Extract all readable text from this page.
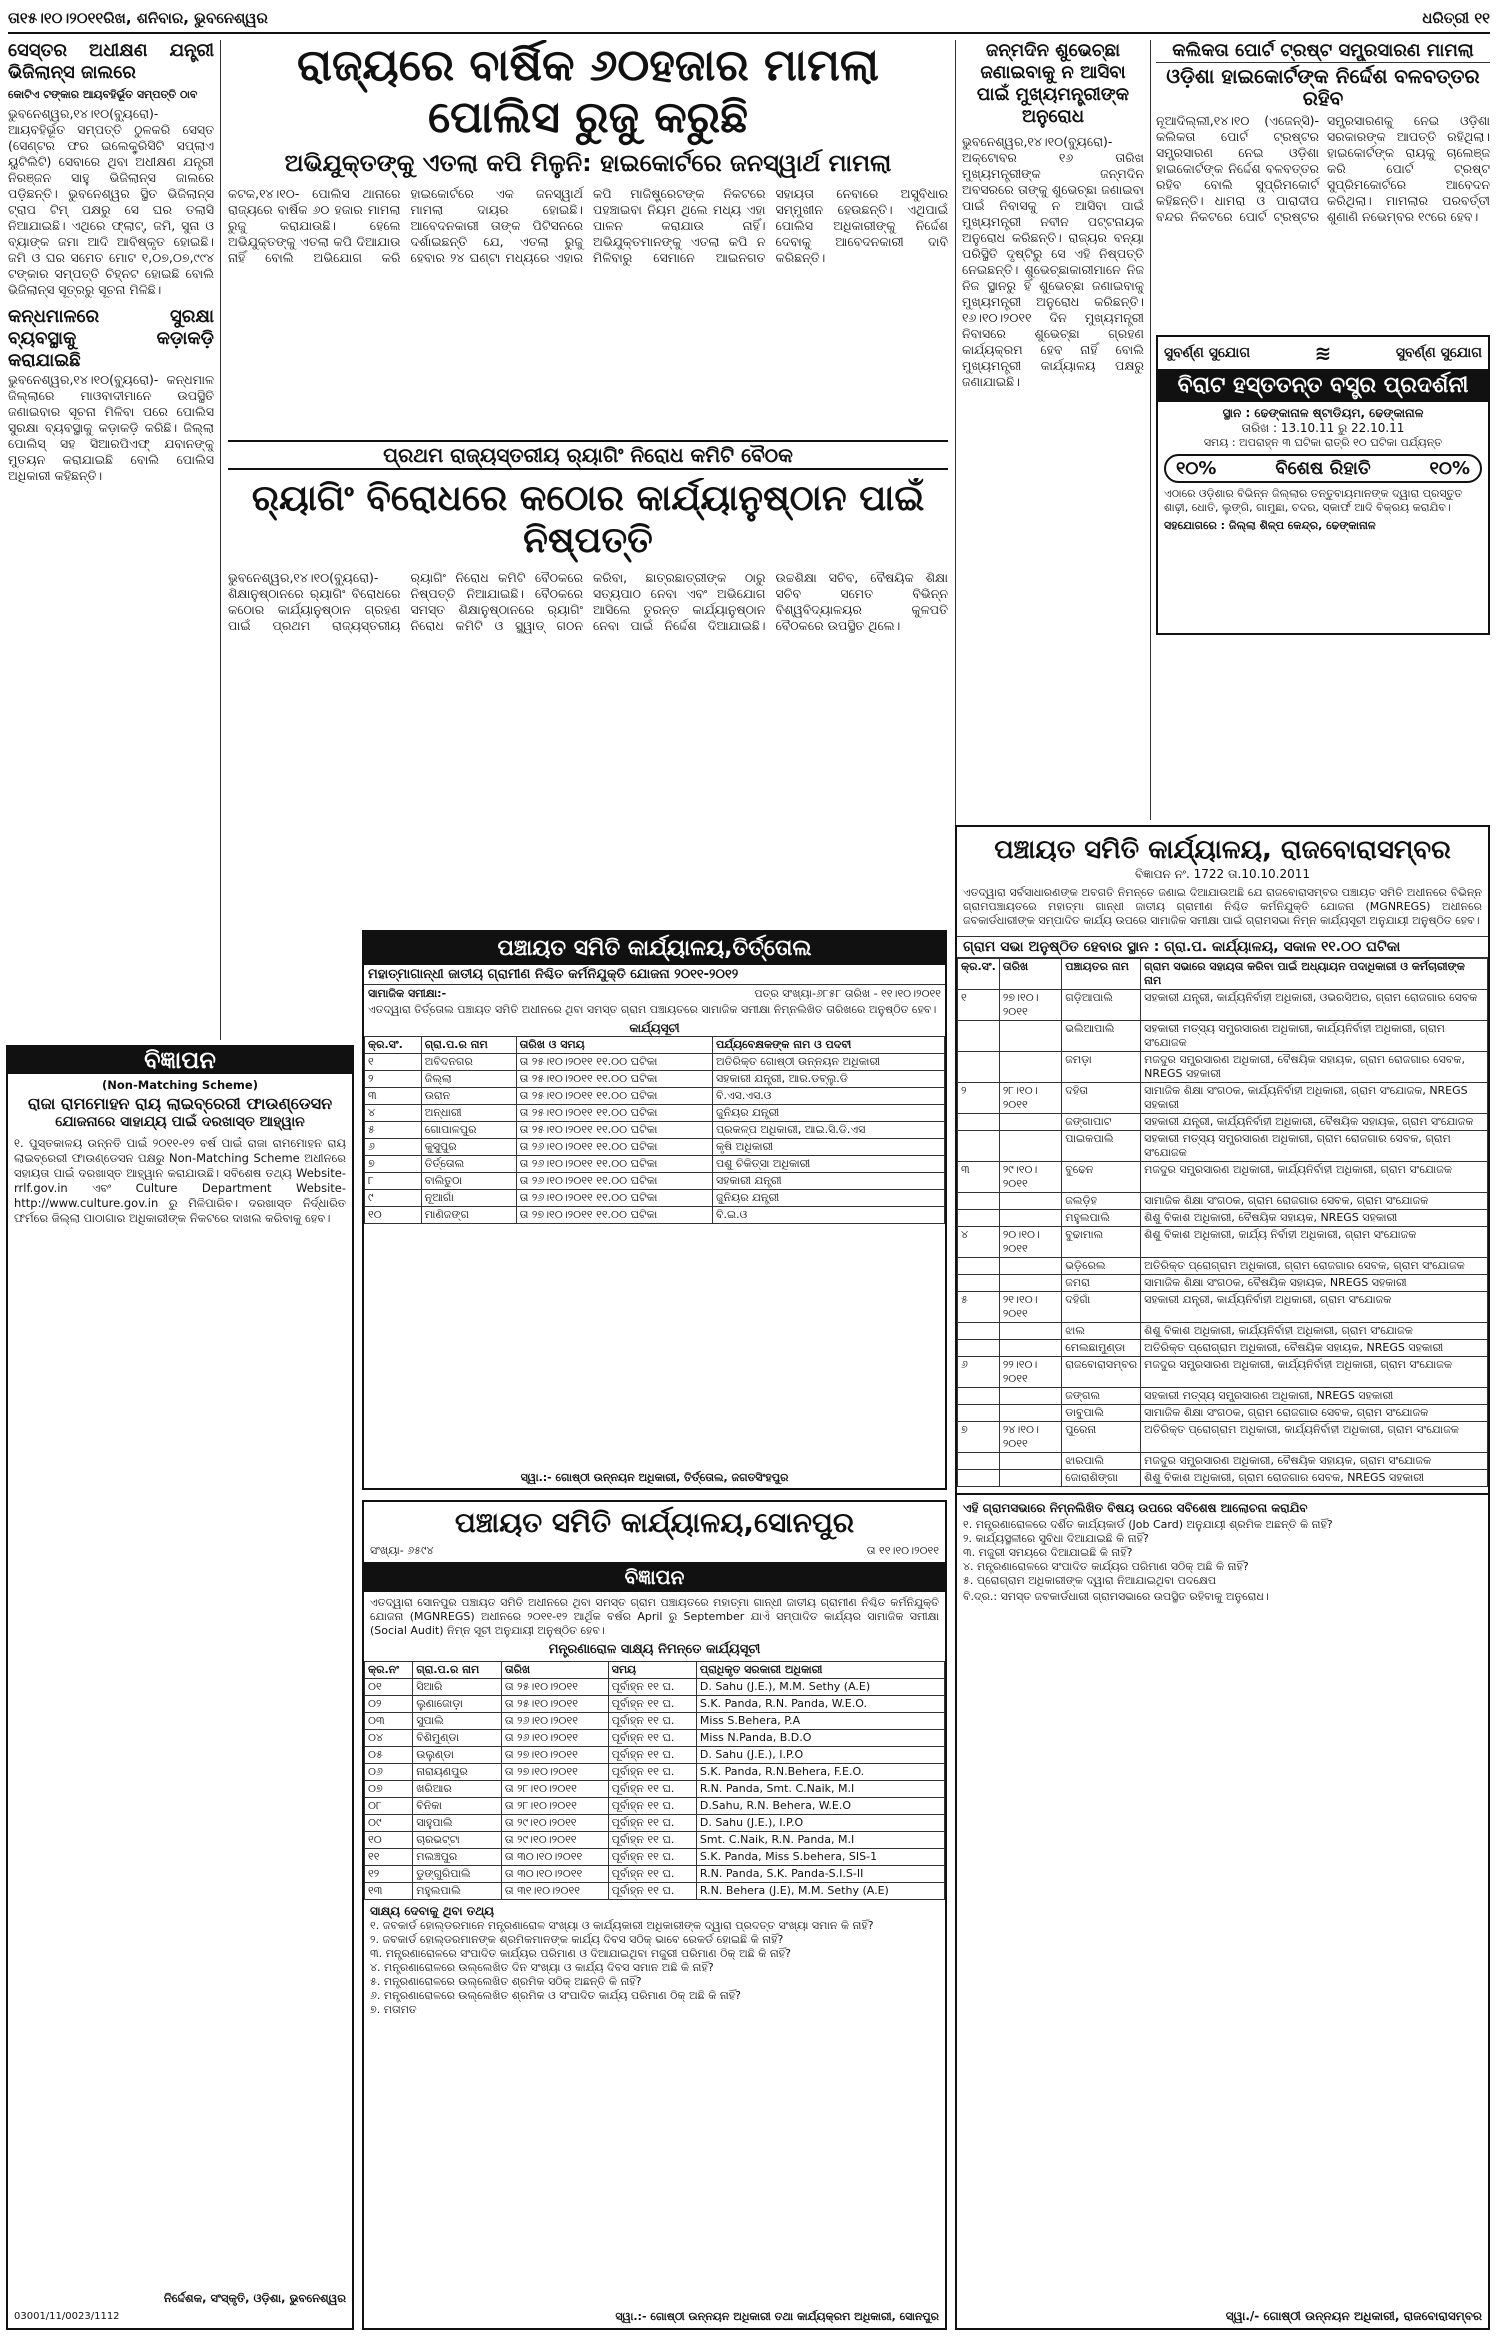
ତା୧୫।୧୦।୨୦୧୧ରିଖ, ଶନିବାର, ଭୁବନେଶ୍ୱର	ଧରିତ୍ରୀ ୧୧
ସେସ୍ତର ଅଧୀକ୍ଷଣ ଯନ୍ତ୍ରୀ ଭିଜିଲାନ୍ସ ଜାଲରେ
କୋଟିଏ ଟଙ୍କାର ଆୟବହିର୍ଭୂତ ସମ୍ପତ୍ତି ଠାବ

ଭୁବନେଶ୍ୱର,୧୪।୧୦(ବ୍ୟୁରୋ)- ଆୟବହିର୍ଭୂତ ସମ୍ପତ୍ତି ଠୁଳକରି ସେସ୍ତ (ସେଣ୍ଟର ଫର ଇଲେକ୍ଟ୍ରିସିଟି ସପ୍ଲାଏ ୟୁଟିଲିଟି) ସେବାରେ ଥିବା ଅଧୀକ୍ଷଣ ଯନ୍ତ୍ରୀ ନିରଞ୍ଜନ ସାହୁ ଭିଜିଲାନ୍ସ ଜାଲରେ ପଡ଼ିଛନ୍ତି। ଭୁବନେଶ୍ୱର ସ୍ଥିତ ଭିଜିଲାନ୍ସ ଟ୍ରାପ ଟିମ୍ ପକ୍ଷରୁ ସେ ଘର ତଲାସି ନିଆଯାଇଛି। ଏଥିରେ ଫ୍ଲାଟ୍, ଜମି, ସୁନା ଓ ବ୍ୟାଙ୍କ ଜମା ଆଦି ଆବିଷ୍କୃତ ହୋଇଛି। ଜମି ଓ ଘର ସମେତ ମୋଟ ୧,୦୭,୦୭,୯୯୪ ଟଙ୍କାର ସମ୍ପତ୍ତି ଚିହ୍ନଟ ହୋଇଛି ବୋଲି ଭିଜିଲାନ୍ସ ସୂତ୍ରରୁ ସୂଚନା ମିଳିଛି।

କନ୍ଧମାଳରେ ସୁରକ୍ଷା ବ୍ୟବସ୍ଥାକୁ କଡ଼ାକଡ଼ି କରାଯାଇଛି

ଭୁବନେଶ୍ୱର,୧୪।୧୦(ବ୍ୟୁରୋ)- କନ୍ଧମାଳ ଜିଲ୍ଲାରେ ମାଓବାଦୀମାନେ ଉପସ୍ଥିତି ଜଣାଇବାର ସୂଚନା ମିଳିବା ପରେ ପୋଲିସ ସୁରକ୍ଷା ବ୍ୟବସ୍ଥାକୁ କଡ଼ାକଡ଼ି କରିଛି। ଜିଲ୍ଲା ପୋଲିସ୍ ସହ ସିଆରପିଏଫ୍ ଯବାନଙ୍କୁ ମୁତୟନ କରାଯାଇଛି ବୋଲି ପୋଲିସ ଅଧିକାରୀ କହିଛନ୍ତି।

ବିଜ୍ଞାପନ
(Non-Matching Scheme)
ରାଜା ରାମମୋହନ ରାୟ ଲାଇବ୍ରେରୀ ଫାଉଣ୍ଡେସନ
ଯୋଜନାରେ ସାହାଯ୍ୟ ପାଇଁ ଦରଖାସ୍ତ ଆହ୍ୱାନ

୧. ପୁସ୍ତକାଳୟ ଉନ୍ନତି ପାଇଁ ୨୦୧୧-୧୨ ବର୍ଷ ପାଇଁ ରାଜା ରାମମୋହନ ରାୟ ଲାଇବ୍ରେରୀ ଫାଉଣ୍ଡେସନ ପକ୍ଷରୁ Non-Matching Scheme ଅଧୀନରେ ସହାୟତା ପାଇଁ ଦରଖାସ୍ତ ଆହ୍ୱାନ କରାଯାଉଛି। ସବିଶେଷ ତଥ୍ୟ Website-rrlf.gov.in ଏବଂ Culture Department Website-http://www.culture.gov.in ରୁ ମିଳିପାରିବ। ଦରଖାସ୍ତ ନିର୍ଦ୍ଧାରିତ ଫର୍ମରେ ଜିଲ୍ଲା ପାଠାଗାର ଅଧିକାରୀଙ୍କ ନିକଟରେ ଦାଖଲ କରିବାକୁ ହେବ।

ନିର୍ଦ୍ଦେଶକ, ସଂସ୍କୃତି, ଓଡ଼ିଶା, ଭୁବନେଶ୍ୱର
03001/11/0023/1112
ରାଜ୍ୟରେ ବାର୍ଷିକ ୬୦ହଜାର ମାମଲା ପୋଲିସ ରୁଜୁ କରୁଛି
ଅଭିଯୁକ୍ତଙ୍କୁ ଏତଲା କପି ମିଳୁନି: ହାଇକୋର୍ଟରେ ଜନସ୍ୱାର୍ଥ ମାମଲା

କଟକ,୧୪।୧୦- ପୋଲିସ ଥାନାରେ ରାଜ୍ୟରେ ବାର୍ଷିକ ୬୦ ହଜାର ମାମଲା ରୁଜୁ କରାଯାଉଛି। ହେଲେ ଅଭିଯୁକ୍ତଙ୍କୁ ଏତଲା କପି ଦିଆଯାଉ ନାହିଁ ବୋଲି ଅଭିଯୋଗ କରି ହାଇକୋର୍ଟରେ ଏକ ଜନସ୍ୱାର୍ଥ ମାମଲା ଦାୟର ହୋଇଛି। ଆବେଦନକାରୀ ତାଙ୍କ ପିଟିସନରେ ଦର୍ଶାଇଛନ୍ତି ଯେ, ଏତଲା ରୁଜୁ ହେବାର ୨୪ ଘଣ୍ଟା ମଧ୍ୟରେ ଏହାର କପି ମାଜିଷ୍ଟ୍ରେଟଙ୍କ ନିକଟରେ ପହଞ୍ଚାଇବା ନିୟମ ଥିଲେ ମଧ୍ୟ ଏହା ପାଳନ କରାଯାଉ ନାହିଁ। ଅଭିଯୁକ୍ତମାନଙ୍କୁ ଏତଲା କପି ନ ମିଳିବାରୁ ସେମାନେ ଆଇନଗତ ସହାୟତା ନେବାରେ ଅସୁବିଧାର ସମ୍ମୁଖୀନ ହେଉଛନ୍ତି। ଏଥିପାଇଁ ପୋଲିସ ଅଧିକାରୀଙ୍କୁ ନିର୍ଦ୍ଦେଶ ଦେବାକୁ ଆବେଦନକାରୀ ଦାବି କରିଛନ୍ତି।

ପ୍ରଥମ ରାଜ୍ୟସ୍ତରୀୟ ର୍‍ୟାଗିଂ ନିରୋଧ କମିଟି ବୈଠକ
ର୍‍ୟାଗିଂ ବିରୋଧରେ କଠୋର କାର୍ଯ୍ୟାନୁଷ୍ଠାନ ପାଇଁ ନିଷ୍ପତ୍ତି

ଭୁବନେଶ୍ୱର,୧୪।୧୦(ବ୍ୟୁରୋ)- ଶିକ୍ଷାନୁଷ୍ଠାନରେ ର୍‍ୟାଗିଂ ବିରୋଧରେ କଠୋର କାର୍ଯ୍ୟାନୁଷ୍ଠାନ ଗ୍ରହଣ ପାଇଁ ପ୍ରଥମ ରାଜ୍ୟସ୍ତରୀୟ ର୍‍ୟାଗିଂ ନିରୋଧ କମିଟି ବୈଠକରେ ନିଷ୍ପତ୍ତି ନିଆଯାଇଛି। ବୈଠକରେ ସମସ୍ତ ଶିକ୍ଷାନୁଷ୍ଠାନରେ ର୍‍ୟାଗିଂ ନିରୋଧ କମିଟି ଓ ସ୍କ୍ୱାଡ୍ ଗଠନ କରିବା, ଛାତ୍ରଛାତ୍ରୀଙ୍କ ଠାରୁ ସତ୍ୟପାଠ ନେବା ଏବଂ ଅଭିଯୋଗ ଆସିଲେ ତୁରନ୍ତ କାର୍ଯ୍ୟାନୁଷ୍ଠାନ ନେବା ପାଇଁ ନିର୍ଦ୍ଦେଶ ଦିଆଯାଇଛି। ଉଚ୍ଚଶିକ୍ଷା ସଚିବ, ବୈଷୟିକ ଶିକ୍ଷା ସଚିବ ସମେତ ବିଭିନ୍ନ ବିଶ୍ୱବିଦ୍ୟାଳୟର କୁଳପତି ବୈଠକରେ ଉପସ୍ଥିତ ଥିଲେ।

ଜନ୍ମଦିନ ଶୁଭେଚ୍ଛା ଜଣାଇବାକୁ ନ ଆସିବା ପାଇଁ ମୁଖ୍ୟମନ୍ତ୍ରୀଙ୍କ ଅନୁରୋଧ

ଭୁବନେଶ୍ୱର,୧୪।୧୦(ବ୍ୟୁରୋ)- ଅକ୍ଟୋବର ୧୬ ତାରିଖ ମୁଖ୍ୟମନ୍ତ୍ରୀଙ୍କ ଜନ୍ମଦିନ ଅବସରରେ ତାଙ୍କୁ ଶୁଭେଚ୍ଛା ଜଣାଇବା ପାଇଁ ନିବାସକୁ ନ ଆସିବା ପାଇଁ ମୁଖ୍ୟମନ୍ତ୍ରୀ ନବୀନ ପଟ୍ଟନାୟକ ଅନୁରୋଧ କରିଛନ୍ତି। ରାଜ୍ୟର ବନ୍ୟା ପରିସ୍ଥିତି ଦୃଷ୍ଟିରୁ ସେ ଏହି ନିଷ୍ପତ୍ତି ନେଇଛନ୍ତି। ଶୁଭେଚ୍ଛାକାରୀମାନେ ନିଜ ନିଜ ସ୍ଥାନରୁ ହିଁ ଶୁଭେଚ୍ଛା ଜଣାଇବାକୁ ମୁଖ୍ୟମନ୍ତ୍ରୀ ଅନୁରୋଧ କରିଛନ୍ତି। ୧୬।୧୦।୨୦୧୧ ଦିନ ମୁଖ୍ୟମନ୍ତ୍ରୀ ନିବାସରେ ଶୁଭେଚ୍ଛା ଗ୍ରହଣ କାର୍ଯ୍ୟକ୍ରମ ହେବ ନାହିଁ ବୋଲି ମୁଖ୍ୟମନ୍ତ୍ରୀ କାର୍ଯ୍ୟାଳୟ ପକ୍ଷରୁ ଜଣାଯାଇଛି।

କଲିକତା ପୋର୍ଟ ଟ୍ରଷ୍ଟ ସମ୍ପ୍ରସାରଣ ମାମଲା
ଓଡ଼ିଶା ହାଇକୋର୍ଟଙ୍କ ନିର୍ଦ୍ଦେଶ ବଳବତ୍ତର ରହିବ

ନୂଆଦିଲ୍ଲୀ,୧୪।୧୦ (ଏଜେନ୍ସି)- କଲିକତା ପୋର୍ଟ ଟ୍ରଷ୍ଟର ସମ୍ପ୍ରସାରଣ ନେଇ ଓଡ଼ିଶା ହାଇକୋର୍ଟଙ୍କ ନିର୍ଦ୍ଦେଶ ବଳବତ୍ତର ରହିବ ବୋଲି ସୁପ୍ରିମକୋର୍ଟ କହିଛନ୍ତି। ଧାମରା ଓ ପାରାଦୀପ ବନ୍ଦର ନିକଟରେ ପୋର୍ଟ ଟ୍ରଷ୍ଟର ସମ୍ପ୍ରସାରଣକୁ ନେଇ ଓଡ଼ିଶା ସରକାରଙ୍କ ଆପତ୍ତି ରହିଥିଲା। ହାଇକୋର୍ଟଙ୍କ ରାୟକୁ ଚାଲେଞ୍ଜ କରି ପୋର୍ଟ ଟ୍ରଷ୍ଟ ସୁପ୍ରିମକୋର୍ଟରେ ଆବେଦନ କରିଥିଲା। ମାମଲାର ପରବର୍ତ୍ତୀ ଶୁଣାଣି ନଭେମ୍ବର ୧୯ରେ ହେବ।

ସୁବର୍ଣ୍ଣ ସୁଯୋଗ	≋	ସୁବର୍ଣ୍ଣ ସୁଯୋଗ
ବିରାଟ ହସ୍ତତନ୍ତ ବସ୍ତ୍ର ପ୍ରଦର୍ଶନୀ
ସ୍ଥାନ : ଢେଙ୍କାନାଳ ଷ୍ଟାଡିୟମ, ଢେଙ୍କାନାଳ
ତାରିଖ : 13.10.11 ରୁ 22.10.11
ସମୟ : ଅପରାହ୍ନ ୩ ଘଟିକା ରାତ୍ରି ୧୦ ଘଟିକା ପର୍ଯ୍ୟନ୍ତ
୧୦%	ବିଶେଷ ରିହାତି	୧୦%

ଏଠାରେ ଓଡ଼ିଶାର ବିଭିନ୍ନ ଜିଲ୍ଲାର ତନ୍ତୁବାୟମାନଙ୍କ ଦ୍ୱାରା ପ୍ରସ୍ତୁତ ଶାଢ଼ୀ, ଧୋତି, ଲୁଙ୍ଗି, ଗାମୁଛା, ଚଦର, ସ୍କାର୍ଫ ଆଦି ବିକ୍ରୟ କରାଯିବ।

ସହଯୋଗରେ : ଜିଲ୍ଲା ଶିଳ୍ପ କେନ୍ଦ୍ର, ଢେଙ୍କାନାଳ
ପଞ୍ଚାୟତ ସମିତି କାର୍ଯ୍ୟାଳୟ,ତିର୍ତ୍ତୋଲ
ମହାତ୍ମାଗାନ୍ଧୀ ଜାତୀୟ ଗ୍ରାମୀଣ ନିଶ୍ଚିତ କର୍ମନିଯୁକ୍ତି ଯୋଜନା ୨୦୧୧-୨୦୧୨
ସାମାଜିକ ସମୀକ୍ଷା:-	ପତ୍ର ସଂଖ୍ୟା-୬୮୫୮ ତାରିଖ - ୧୧।୧୦।୨୦୧୧

ଏତଦ୍ୱାରା ତିର୍ତ୍ତୋଲ ପଞ୍ଚାୟତ ସମିତି ଅଧୀନରେ ଥିବା ସମସ୍ତ ଗ୍ରାମ ପଞ୍ଚାୟତରେ ସାମାଜିକ ସମୀକ୍ଷା ନିମ୍ନଲିଖିତ ତାରିଖରେ ଅନୁଷ୍ଠିତ ହେବ।

କାର୍ଯ୍ୟସୂଚୀ
କ୍ର.ସଂ.	ଗ୍ରା.ପ.ର ନାମ	ତାରିଖ ଓ ସମୟ	ପର୍ଯ୍ୟବେକ୍ଷକଙ୍କ ନାମ ଓ ପଦବୀ
୧	ଅବିଦନଗର	ତା ୨୫।୧୦।୨୦୧୧ ୧୧.୦୦ ଘଟିକା	ଅତିରିକ୍ତ ଗୋଷ୍ଠୀ ଉନ୍ନୟନ ଅଧିକାରୀ
୨	ଜିଲ୍ଲା	ତା ୨୫।୧୦।୨୦୧୧ ୧୧.୦୦ ଘଟିକା	ସହକାରୀ ଯନ୍ତ୍ରୀ, ଆର.ଡବ୍ଲୁ.ଡି
୩	ଉରାନ	ତା ୨୫।୧୦।୨୦୧୧ ୧୧.୦୦ ଘଟିକା	ବି.ଏସ.ଏସ.ଓ
୪	ଅନ୍ଧାରୀ	ତା ୨୫।୧୦।୨୦୧୧ ୧୧.୦୦ ଘଟିକା	ଜୁନିୟର ଯନ୍ତ୍ରୀ
୫	ଗୋପାଳପୁର	ତା ୨୫।୧୦।୨୦୧୧ ୧୧.୦୦ ଘଟିକା	ପ୍ରକଳ୍ପ ଅଧିକାରୀ, ଆଇ.ସି.ଡି.ଏସ
୬	କୁସୁପୁର	ତା ୨୬।୧୦।୨୦୧୧ ୧୧.୦୦ ଘଟିକା	କୃଷି ଅଧିକାରୀ
୭	ତିର୍ତ୍ତୋଲ	ତା ୨୬।୧୦।୨୦୧୧ ୧୧.୦୦ ଘଟିକା	ପଶୁ ଚିକିତ୍ସା ଅଧିକାରୀ
୮	ବାଲିତୁଠା	ତା ୨୬।୧୦।୨୦୧୧ ୧୧.୦୦ ଘଟିକା	ସହକାରୀ ଯନ୍ତ୍ରୀ
୯	ନୂଆଗାଁ	ତା ୨୬।୧୦।୨୦୧୧ ୧୧.୦୦ ଘଟିକା	ଜୁନିୟର ଯନ୍ତ୍ରୀ
୧୦	ମାଣିଜଙ୍ଗ	ତା ୨୭।୧୦।୨୦୧୧ ୧୧.୦୦ ଘଟିକା	ବି.ଇ.ଓ
ସ୍ୱା.:- ଗୋଷ୍ଠୀ ଉନ୍ନୟନ ଅଧିକାରୀ, ତିର୍ତ୍ତୋଲ, ଜଗତସିଂହପୁର
ପଞ୍ଚାୟତ ସମିତି କାର୍ଯ୍ୟାଳୟ,ସୋନପୁର
ସଂଖ୍ୟା- ୬୫୯୪	ତା ୧୧।୧୦।୨୦୧୧
ବିଜ୍ଞାପନ

ଏତଦ୍ୱାରା ସୋନପୁର ପଞ୍ଚାୟତ ସମିତି ଅଧୀନରେ ଥିବା ସମସ୍ତ ଗ୍ରାମ ପଞ୍ଚାୟତରେ ମହାତ୍ମା ଗାନ୍ଧୀ ଜାତୀୟ ଗ୍ରାମୀଣ ନିଶ୍ଚିତ କର୍ମନିଯୁକ୍ତି ଯୋଜନା (MGNREGS) ଅଧୀନରେ ୨୦୧୧-୧୨ ଆର୍ଥିକ ବର୍ଷର April ରୁ September ଯାଏଁ ସମ୍ପାଦିତ କାର୍ଯ୍ୟର ସାମାଜିକ ସମୀକ୍ଷା (Social Audit) ନିମ୍ନ ସୂଚୀ ଅନୁଯାୟୀ ଅନୁଷ୍ଠିତ ହେବ।

ମନ୍ତ୍ରଣାରୋଳ ସାକ୍ଷ୍ୟ ନିମନ୍ତେ କାର୍ଯ୍ୟସୂଚୀ
କ୍ର.ନଂ	ଗ୍ରା.ପ.ର ନାମ	ତାରିଖ	ସମୟ	ପ୍ରାଧିକୃତ ସରକାରୀ ଅଧିକାରୀ
୦୧	ସିଆରି	ତା ୨୫।୧୦।୨୦୧୧	ପୂର୍ବାହ୍ନ ୧୧ ଘ.	D. Sahu (J.E.), M.M. Sethy (A.E)
୦୨	ଲୁଣାଜୋଡ଼ା	ତା ୨୫।୧୦।୨୦୧୧	ପୂର୍ବାହ୍ନ ୧୧ ଘ.	S.K. Panda, R.N. Panda, W.E.O.
୦୩	ସୁପାଲି	ତା ୨୬।୧୦।୨୦୧୧	ପୂର୍ବାହ୍ନ ୧୧ ଘ.	Miss S.Behera, P.A
୦୪	ବିଶିମୁଣ୍ଡା	ତା ୨୬।୧୦।୨୦୧୧	ପୂର୍ବାହ୍ନ ୧୧ ଘ.	Miss N.Panda, B.D.O
୦୫	ଉଲୁଣ୍ଡା	ତା ୨୭।୧୦।୨୦୧୧	ପୂର୍ବାହ୍ନ ୧୧ ଘ.	D. Sahu (J.E.), I.P.O
୦୬	ନାରାୟଣପୁର	ତା ୨୭।୧୦।୨୦୧୧	ପୂର୍ବାହ୍ନ ୧୧ ଘ.	S.K. Panda, R.N.Behera, F.E.O.
୦୭	ଖରିଆର	ତା ୨୮।୧୦।୨୦୧୧	ପୂର୍ବାହ୍ନ ୧୧ ଘ.	R.N. Panda, Smt. C.Naik, M.I
୦୮	ବିନିକା	ତା ୨୮।୧୦।୨୦୧୧	ପୂର୍ବାହ୍ନ ୧୧ ଘ.	D.Sahu, R.N. Behera, W.E.O
୦୯	ସାହୁପାଲି	ତା ୨୯।୧୦।୨୦୧୧	ପୂର୍ବାହ୍ନ ୧୧ ଘ.	D. Sahu (J.E.), I.P.O
୧୦	ଚାରଭଟ୍ଟା	ତା ୨୯।୧୦।୨୦୧୧	ପୂର୍ବାହ୍ନ ୧୧ ଘ.	Smt. C.Naik, R.N. Panda, M.I
୧୧	ମଲଞ୍ଚପୁର	ତା ୩୦।୧୦।୨୦୧୧	ପୂର୍ବାହ୍ନ ୧୧ ଘ.	S.K. Panda, Miss S.behera, SIS-1
୧୨	ଡୁଙ୍ଗୁରିପାଲି	ତା ୩୦।୧୦।୨୦୧୧	ପୂର୍ବାହ୍ନ ୧୧ ଘ.	R.N. Panda, S.K. Panda-S.I.S-II
୧୩	ମହୁଲପାଲି	ତା ୩୧।୧୦।୨୦୧୧	ପୂର୍ବାହ୍ନ ୧୧ ଘ.	R.N. Behera (J.E), M.M. Sethy (A.E)
ସାକ୍ଷ୍ୟ ଦେବାକୁ ଥିବା ତଥ୍ୟ
୧. ଜବକାର୍ଡ ହୋଲ୍ଡରମାନେ ମନ୍ତ୍ରଣାରୋଳ ସଂଖ୍ୟା ଓ କାର୍ଯ୍ୟକାରୀ ଅଧିକାରୀଙ୍କ ଦ୍ୱାରା ପ୍ରଦତ୍ତ ସଂଖ୍ୟା ସମାନ କି ନାହିଁ?
୨. ଜବକାର୍ଡ ହୋଲ୍ଡରମାନଙ୍କ ଶ୍ରମିକମାନଙ୍କ କାର୍ଯ୍ୟ ଦିବସ ସଠିକ୍ ଭାବେ ରେକର୍ଡ ହୋଇଛି କି ନାହିଁ?
୩. ମନ୍ତ୍ରଣାରୋଳରେ ସଂପାଦିତ କାର୍ଯ୍ୟର ପରିମାଣ ଓ ଦିଆଯାଇଥିବା ମଜୁରୀ ପରିମାଣ ଠିକ୍ ଅଛି କି ନାହିଁ?
୪. ମନ୍ତ୍ରଣାରୋଳରେ ଉଲ୍ଲେଖିତ ଦିନ ସଂଖ୍ୟା ଓ କାର୍ଯ୍ୟ ଦିବସ ସମାନ ଅଛି କି ନାହିଁ?
୫. ମନ୍ତ୍ରଣାରୋଳରେ ଉଲ୍ଲେଖିତ ଶ୍ରମିକ ସଠିକ୍ ଅଛନ୍ତି କି ନାହିଁ?
୬. ମନ୍ତ୍ରଣାରୋଳରେ ଉଲ୍ଲେଖିତ ଶ୍ରମିକ ଓ ସଂପାଦିତ କାର୍ଯ୍ୟ ପରିମାଣ ଠିକ୍ ଅଛି କି ନାହିଁ?
୭. ମତାମତ
ସ୍ୱା.:- ଗୋଷ୍ଠୀ ଉନ୍ନୟନ ଅଧିକାରୀ ତଥା କାର୍ଯ୍ୟକ୍ରମ ଅଧିକାରୀ, ସୋନପୁର
ପଞ୍ଚାୟତ ସମିତି କାର୍ଯ୍ୟାଳୟ, ରାଜବୋରାସମ୍ବର
ବିଜ୍ଞାପନ ନଂ. 1722 ତା.10.10.2011

ଏତଦ୍ୱାରା ସର୍ବସାଧାରଣଙ୍କ ଅବଗତି ନିମନ୍ତେ ଜଣାଇ ଦିଆଯାଉଅଛି ଯେ ରାଜବୋରାସମ୍ବର ପଞ୍ଚାୟତ ସମିତି ଅଧୀନରେ ବିଭିନ୍ନ ଗ୍ରାମପଞ୍ଚାୟତରେ ମହାତ୍ମା ଗାନ୍ଧୀ ଜାତୀୟ ଗ୍ରାମୀଣ ନିଶ୍ଚିତ କର୍ମନିଯୁକ୍ତି ଯୋଜନା (MGNREGS) ଅଧୀନରେ ଜବକାର୍ଡଧାରୀଙ୍କ ସମ୍ପାଦିତ କାର୍ଯ୍ୟ ଉପରେ ସାମାଜିକ ସମୀକ୍ଷା ପାଇଁ ଗ୍ରାମସଭା ନିମ୍ନ କାର୍ଯ୍ୟସୂଚୀ ଅନୁଯାୟୀ ଅନୁଷ୍ଠିତ ହେବ।

ଗ୍ରାମ ସଭା ଅନୁଷ୍ଠିତ ହେବାର ସ୍ଥାନ : ଗ୍ରା.ପ. କାର୍ଯ୍ୟାଳୟ, ସକାଳ ୧୧.୦୦ ଘଟିକା
କ୍ର.ସଂ.	ତାରିଖ	ପଞ୍ଚାୟତର ନାମ	ଗ୍ରାମ ସଭାରେ ସହାୟତା କରିବା ପାଇଁ ଅଧ୍ୟାୟନ ପଦାଧିକାରୀ ଓ କର୍ମଚାରୀଙ୍କ ନାମ
୧	୨୭।୧୦।୨୦୧୧	ଗଡ଼ିଆପାଲି	ସହକାରୀ ଯନ୍ତ୍ରୀ, କାର୍ଯ୍ୟନିର୍ବାହୀ ଅଧିକାରୀ, ଓଭରସିଅର, ଗ୍ରାମ ରୋଜଗାର ସେବକ
		ଭଲିଆପାଲି	ସହକାରୀ ମତ୍ସ୍ୟ ସମ୍ପ୍ରସାରଣ ଅଧିକାରୀ, କାର୍ଯ୍ୟନିର୍ବାହୀ ଅଧିକାରୀ, ଗ୍ରାମ ସଂଯୋଜକ
		ଜମଡ଼ା	ମଜଦୁର ସମ୍ପ୍ରସାରଣ ଅଧିକାରୀ, ବୈଷୟିକ ସହାୟକ, ଗ୍ରାମ ରୋଜଗାର ସେବକ, NREGS ସହକାରୀ
୨	୨୮।୧୦।୨୦୧୧	ଦହିତା	ସାମାଜିକ ଶିକ୍ଷା ସଂଗଠକ, କାର୍ଯ୍ୟନିର୍ବାହୀ ଅଧିକାରୀ, ଗ୍ରାମ ସଂଯୋଜକ, NREGS ସହକାରୀ
		ଜଙ୍ଗାପାଟ	ସହକାରୀ ଯନ୍ତ୍ରୀ, କାର୍ଯ୍ୟନିର୍ବାହୀ ଅଧିକାରୀ, ବୈଷୟିକ ସହାୟକ, ଗ୍ରାମ ସଂଯୋଜକ
		ପାଇକପାଲି	ସହକାରୀ ମତ୍ସ୍ୟ ସମ୍ପ୍ରସାରଣ ଅଧିକାରୀ, ଗ୍ରାମ ରୋଜଗାର ସେବକ, ଗ୍ରାମ ସଂଯୋଜକ
୩	୨୯।୧୦।୨୦୧୧	ବୁଢେନ	ମଜଦୁର ସମ୍ପ୍ରସାରଣ ଅଧିକାରୀ, କାର୍ଯ୍ୟନିର୍ବାହୀ ଅଧିକାରୀ, ଗ୍ରାମ ସଂଯୋଜକ
		ଜଲଡ଼ିହ	ସାମାଜିକ ଶିକ୍ଷା ସଂଗଠକ, ଗ୍ରାମ ରୋଜଗାର ସେବକ, ଗ୍ରାମ ସଂଯୋଜକ
		ମହୁଲପାଲି	ଶିଶୁ ବିକାଶ ଅଧିକାରୀ, ବୈଷୟିକ ସହାୟକ, NREGS ସହକାରୀ
୪	୨୦।୧୦।୨୦୧୧	ବୁଢାମାଲ	ଶିଶୁ ବିକାଶ ଅଧିକାରୀ, କାର୍ଯ୍ୟ ନିର୍ବାହୀ ଅଧିକାରୀ, ଗ୍ରାମ ସଂଯୋଜକ
		ଭଡ଼ିରେଲ	ଅତିରିକ୍ତ ପ୍ରୋଗ୍ରାମ ଅଧିକାରୀ, ଗ୍ରାମ ରୋଜଗାର ସେବକ, ଗ୍ରାମ ସଂଯୋଜକ
		ଜମରା	ସାମାଜିକ ଶିକ୍ଷା ସଂଗଠକ, ବୈଷୟିକ ସହାୟକ, NREGS ସହକାରୀ
୫	୨୧।୧୦।୨୦୧୧	ଦହିଗାଁ	ସହକାରୀ ଯନ୍ତ୍ରୀ, କାର୍ଯ୍ୟନିର୍ବାହୀ ଅଧିକାରୀ, ଗ୍ରାମ ସଂଯୋଜକ
		ଝାଲ	ଶିଶୁ ବିକାଶ ଅଧିକାରୀ, କାର୍ଯ୍ୟନିର୍ବାହୀ ଅଧିକାରୀ, ଗ୍ରାମ ସଂଯୋଜକ
		ମେଲଛାମୁଣ୍ଡା	ଅତିରିକ୍ତ ପ୍ରୋଗ୍ରାମ ଅଧିକାରୀ, ବୈଷୟିକ ସହାୟକ, NREGS ସହକାରୀ
୬	୨୨।୧୦।୨୦୧୧	ରାଜବୋରାସମ୍ବର	ମଜଦୁର ସମ୍ପ୍ରସାରଣ ଅଧିକାରୀ, କାର୍ଯ୍ୟନିର୍ବାହୀ ଅଧିକାରୀ, ଗ୍ରାମ ସଂଯୋଜକ
		ଜଙ୍ଗଲ	ସହକାରୀ ମତ୍ସ୍ୟ ସମ୍ପ୍ରସାରଣ ଅଧିକାରୀ, NREGS ସହକାରୀ
		ଡାବୁପାଲି	ସାମାଜିକ ଶିକ୍ଷା ସଂଗଠକ, ଗ୍ରାମ ରୋଜଗାର ସେବକ, ଗ୍ରାମ ସଂଯୋଜକ
୭	୨୪।୧୦।୨୦୧୧	ପୁରେନା	ଅତିରିକ୍ତ ପ୍ରୋଗ୍ରାମ ଅଧିକାରୀ, କାର୍ଯ୍ୟନିର୍ବାହୀ ଅଧିକାରୀ, ଗ୍ରାମ ସଂଯୋଜକ
		ଝାରପାଲି	ମଜଦୁର ସମ୍ପ୍ରସାରଣ ଅଧିକାରୀ, ବୈଷୟିକ ସହାୟକ, ଗ୍ରାମ ସଂଯୋଜକ
		ଜୋରାଶିଙ୍ଗା	ଶିଶୁ ବିକାଶ ଅଧିକାରୀ, ଗ୍ରାମ ରୋଜଗାର ସେବକ, NREGS ସହକାରୀ
ଏହି ଗ୍ରାମସଭାରେ ନିମ୍ନଲିଖିତ ବିଷୟ ଉପରେ ସବିଶେଷ ଆଲୋଚନା କରାଯିବ
୧. ମନ୍ତ୍ରଣାରୋଳରେ ଦର୍ଶିତ କାର୍ଯ୍ୟକାର୍ଡ (Job Card) ଅନୁଯାୟୀ ଶ୍ରମିକ ଅଛନ୍ତି କି ନାହିଁ?
୨. କାର୍ଯ୍ୟସ୍ଥଳୀରେ ସୁବିଧା ଦିଆଯାଇଛି କି ନାହିଁ?
୩. ମଜୁରୀ ସମୟରେ ଦିଆଯାଇଛି କି ନାହିଁ?
୪. ମନ୍ତ୍ରଣାରୋଳରେ ସଂପାଦିତ କାର୍ଯ୍ୟର ପରିମାଣ ସଠିକ୍ ଅଛି କି ନାହିଁ?
୫. ପ୍ରୋଗ୍ରାମ ଅଧିକାରୀଙ୍କ ଦ୍ୱାରା ନିଆଯାଇଥିବା ପଦକ୍ଷେପ
ବି.ଦ୍ର.: ସମସ୍ତ ଜବକାର୍ଡଧାରୀ ଗ୍ରାମସଭାରେ ଉପସ୍ଥିତ ରହିବାକୁ ଅନୁରୋଧ।
ସ୍ୱା./- ଗୋଷ୍ଠୀ ଉନ୍ନୟନ ଅଧିକାରୀ, ରାଜବୋରାସମ୍ବର
